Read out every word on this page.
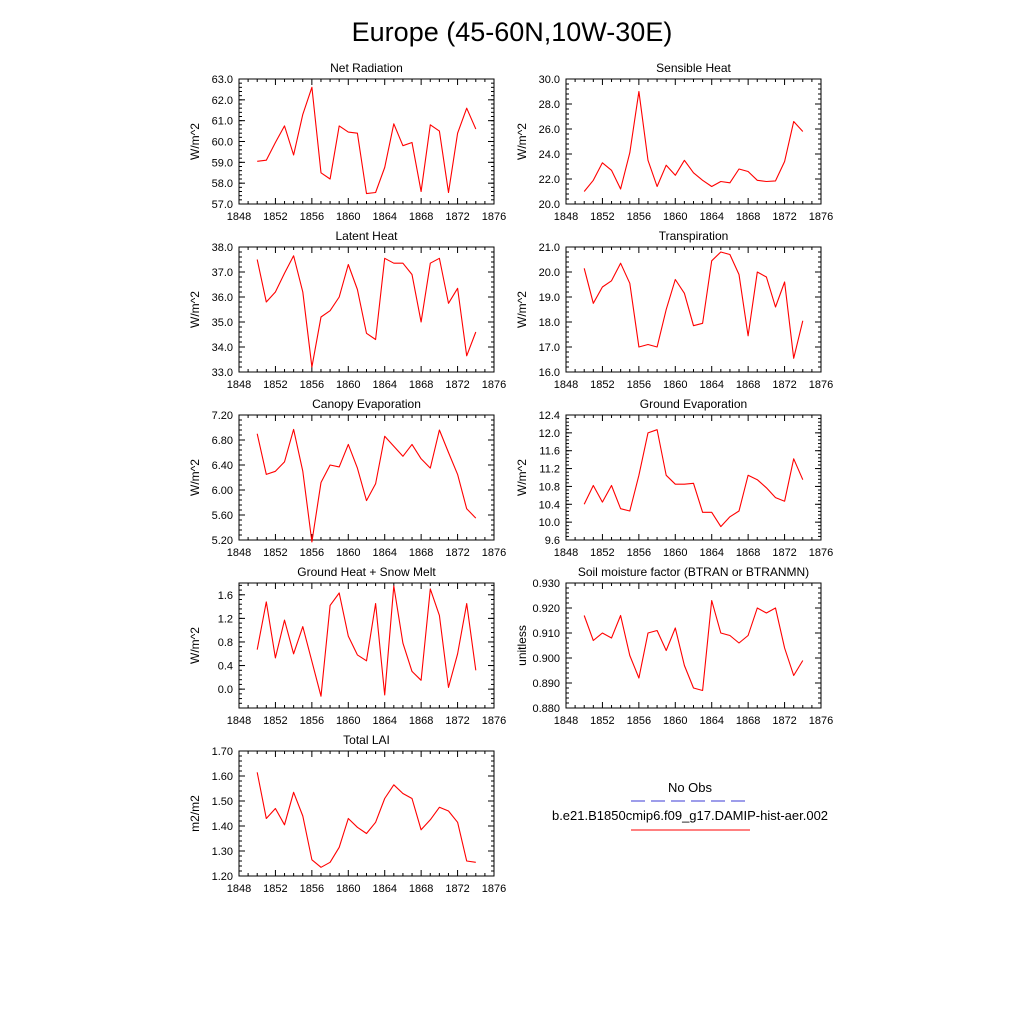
Europe (45-60N,10W-30E)
Net Radiation
W/m^2
1848 1852 1856 1860 1864 1868 1872 1876
57.0
58.0
59.0
60.0
61.0
62.0
63.0
Sensible Heat
W/m^2
1848 1852 1856 1860 1864 1868 1872 1876
20.0
22.0
24.0
26.0
28.0
30.0
Latent Heat
W/m^2
1848 1852 1856 1860 1864 1868 1872 1876
33.0
34.0
35.0
36.0
37.0
38.0
Transpiration
W/m^2
1848 1852 1856 1860 1864 1868 1872 1876
16.0
17.0
18.0
19.0
20.0
21.0
Canopy Evaporation
W/m^2
1848 1852 1856 1860 1864 1868 1872 1876
5.20
5.60
6.00
6.40
6.80
7.20
Ground Evaporation
W/m^2
1848 1852 1856 1860 1864 1868 1872 1876
9.6
10.0
10.4
10.8
11.2
11.6
12.0
12.4
Ground Heat + Snow Melt
W/m^2
1848 1852 1856 1860 1864 1868 1872 1876
0.0
0.4
0.8
1.2
1.6
Soil moisture factor (BTRAN or BTRANMN)
unitless
1848 1852 1856 1860 1864 1868 1872 1876
0.880
0.890
0.900
0.910
0.920
0.930
Total LAI
m2/m2
1848 1852 1856 1860 1864 1868 1872 1876
1.20
1.30
1.40
1.50
1.60
1.70
No Obs
b.e21.B1850cmip6.f09_g17.DAMIP-hist-aer.002
